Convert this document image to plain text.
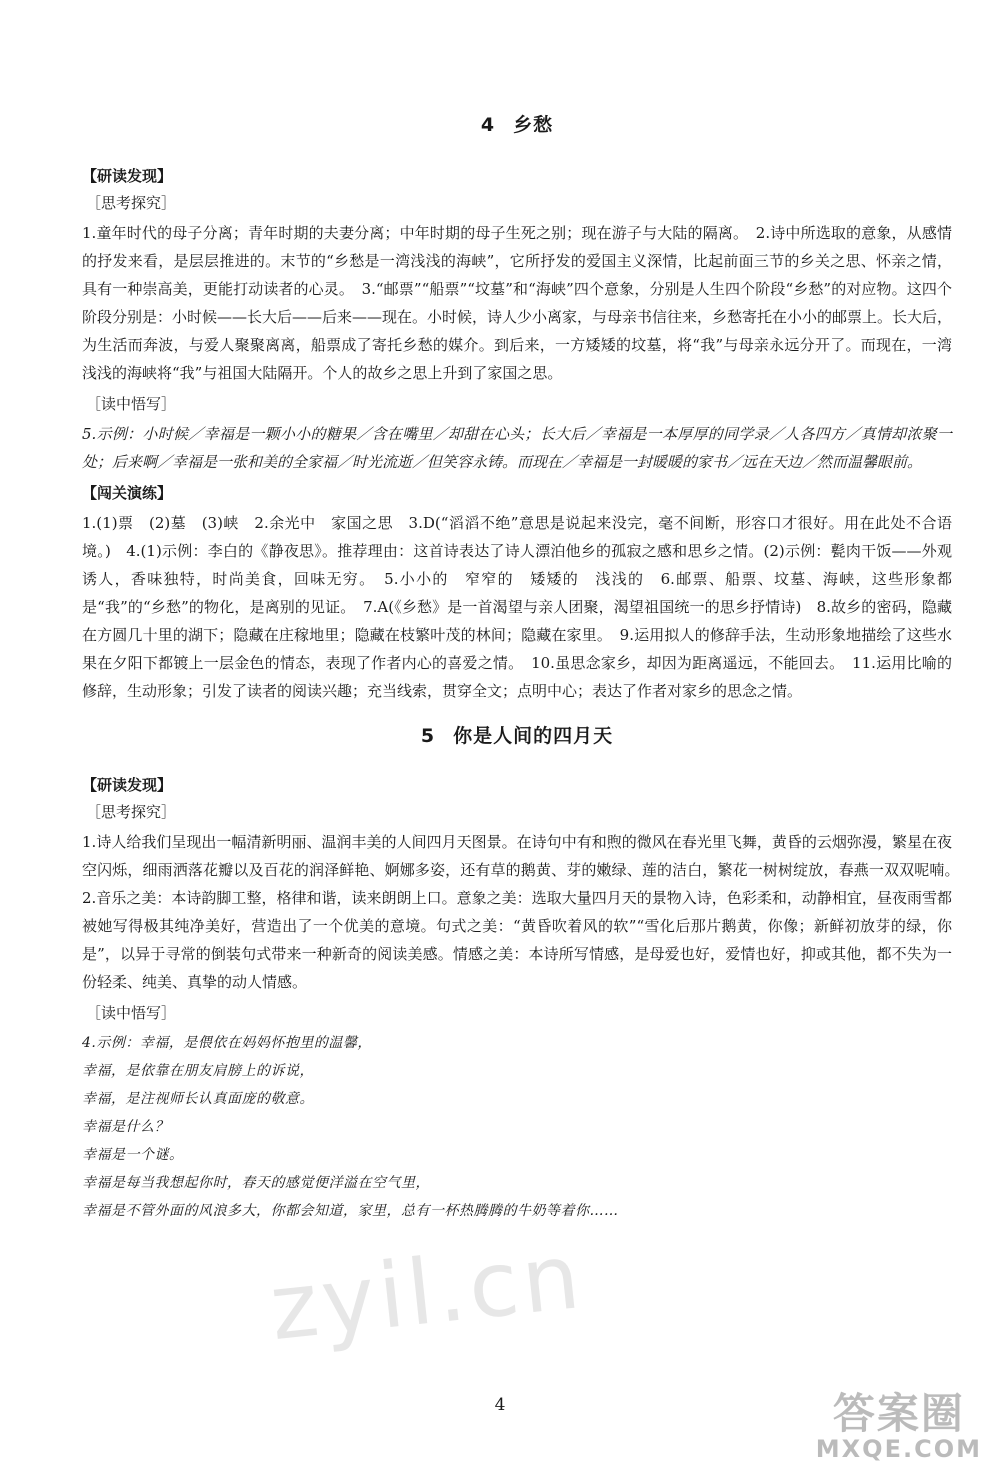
4 乡愁

【研读发现】

［思考探究］

1.童年时代的母子分离；青年时期的夫妻分离；中年时期的母子生死之别；现在游子与大陆的隔离。　2.诗中所选取的意象，从感情的抒发来看，是层层推进的。末节的“乡愁是一湾浅浅的海峡”，它所抒发的爱国主义深情，比起前面三节的乡关之思、怀亲之情，具有一种崇高美，更能打动读者的心灵。　3.“邮票”“船票”“坟墓”和“海峡”四个意象，分别是人生四个阶段“乡愁”的对应物。这四个阶段分别是：小时候——长大后——后来——现在。小时候，诗人少小离家，与母亲书信往来，乡愁寄托在小小的邮票上。长大后，为生活而奔波，与爱人聚聚离离，船票成了寄托乡愁的媒介。到后来，一方矮矮的坟墓，将“我”与母亲永远分开了。而现在，一湾浅浅的海峡将“我”与祖国大陆隔开。个人的故乡之思上升到了家国之思。

［读中悟写］

5.示例：小时候／幸福是一颗小小的糖果／含在嘴里／却甜在心头；长大后／幸福是一本厚厚的同学录／人各四方／真情却浓聚一处；后来啊／幸福是一张和美的全家福／时光流逝／但笑容永铸。而现在／幸福是一封暖暖的家书／远在天边／然而温馨眼前。

【闯关演练】

1.(1)票　(2)墓　(3)峡　2.余光中　家国之思　3.D(“滔滔不绝”意思是说起来没完，毫不间断，形容口才很好。用在此处不合语境。)　4.(1)示例：李白的《静夜思》。推荐理由：这首诗表达了诗人漂泊他乡的孤寂之感和思乡之情。(2)示例：甏肉干饭——外观诱人，香味独特，时尚美食，回味无穷。　5.小小的　窄窄的　矮矮的　浅浅的　6.邮票、船票、坟墓、海峡，这些形象都是“我”的“乡愁”的物化，是离别的见证。　7.A(《乡愁》是一首渴望与亲人团聚，渴望祖国统一的思乡抒情诗)　8.故乡的密码，隐藏在方圆几十里的湖下；隐藏在庄稼地里；隐藏在枝繁叶茂的林间；隐藏在家里。　9.运用拟人的修辞手法，生动形象地描绘了这些水果在夕阳下都镀上一层金色的情态，表现了作者内心的喜爱之情。　10.虽思念家乡，却因为距离遥远，不能回去。　11.运用比喻的修辞，生动形象；引发了读者的阅读兴趣；充当线索，贯穿全文；点明中心；表达了作者对家乡的思念之情。

5 你是人间的四月天

【研读发现】

［思考探究］

1.诗人给我们呈现出一幅清新明丽、温润丰美的人间四月天图景。在诗句中有和煦的微风在春光里飞舞，黄昏的云烟弥漫，繁星在夜空闪烁，细雨洒落花瓣以及百花的润泽鲜艳、婀娜多姿，还有草的鹅黄、芽的嫩绿、莲的洁白，繁花一树树绽放，春燕一双双呢喃。　2.音乐之美：本诗韵脚工整，格律和谐，读来朗朗上口。意象之美：选取大量四月天的景物入诗，色彩柔和，动静相宜，昼夜雨雪都被她写得极其纯净美好，营造出了一个优美的意境。句式之美：“黄昏吹着风的软”“雪化后那片鹅黄，你像；新鲜初放芽的绿，你是”，以异于寻常的倒装句式带来一种新奇的阅读美感。情感之美：本诗所写情感，是母爱也好，爱情也好，抑或其他，都不失为一份轻柔、纯美、真挚的动人情感。

［读中悟写］

4.示例：幸福，是偎依在妈妈怀抱里的温馨，

幸福，是依靠在朋友肩膀上的诉说，

幸福，是注视师长认真面庞的敬意。

幸福是什么？

幸福是一个谜。

幸福是每当我想起你时，春天的感觉便洋溢在空气里，

幸福是不管外面的风浪多大，你都会知道，家里，总有一杯热腾腾的牛奶等着你……

zyil.cn
4	答案圈
MXQE.COM
